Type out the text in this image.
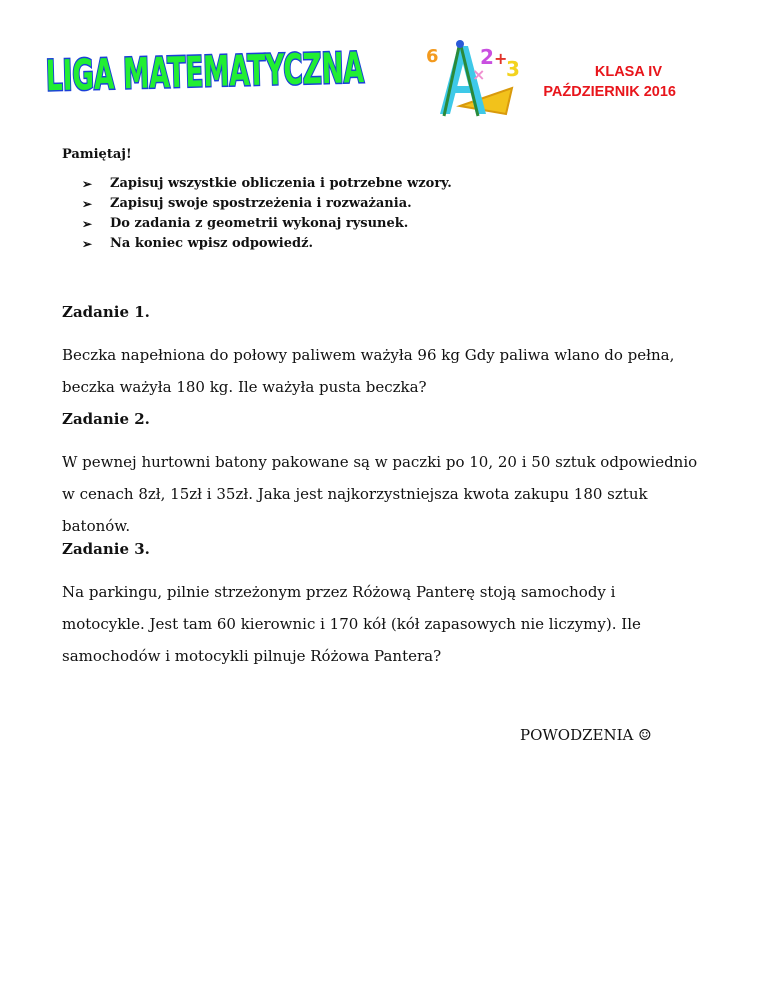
LIGA MATEMATYCZNA
6 2 +
3
×	KLASA IV
PAŹDZIERNIK 2016
Pamiętaj!
➢	Zapisuj wszystkie obliczenia i potrzebne wzory.
➢	Zapisuj swoje spostrzeżenia i rozważania.
➢	Do zadania z geometrii wykonaj rysunek.
➢	Na koniec wpisz odpowiedź.
Zadanie 1.
Beczka napełniona do połowy paliwem ważyła 96 kg Gdy paliwa wlano do pełna, beczka ważyła 180 kg. Ile ważyła pusta beczka?
Zadanie 2.
W pewnej hurtowni batony pakowane są w paczki po 10, 20 i 50 sztuk odpowiednio w cenach 8zł, 15zł i 35zł. Jaka jest najkorzystniejsza kwota zakupu 180 sztuk batonów.
Zadanie 3.
Na parkingu, pilnie strzeżonym przez Różową Panterę stoją samochody i motocykle. Jest tam 60 kierownic i 170 kół (kół zapasowych nie liczymy). Ile samochodów i motocykli pilnuje Różowa Pantera?
POWODZENIA ☺
